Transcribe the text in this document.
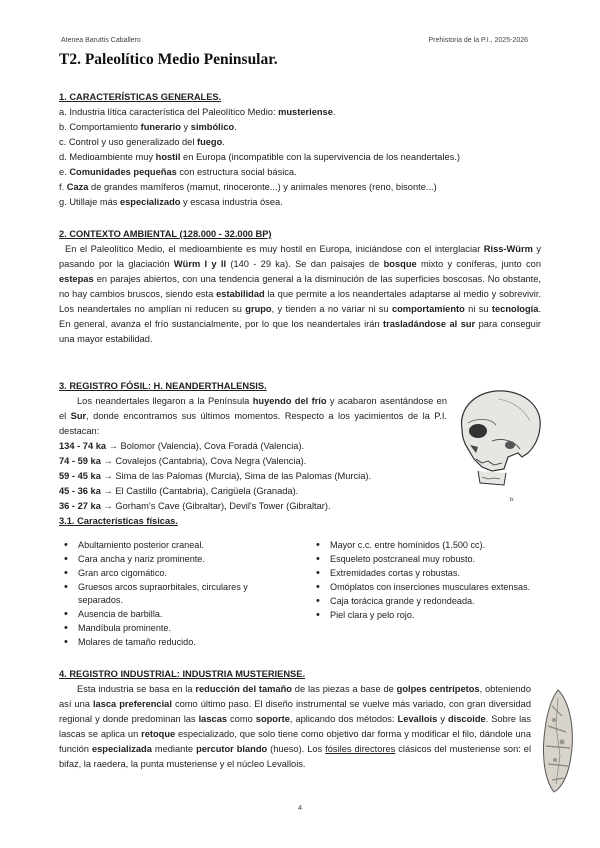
Atenea Baruttis Caballero	Prehistoria de la P.I., 2025-2026
T2. Paleolítico Medio Peninsular.

1. CARACTERÍSTICAS GENERALES.

a. Industria lítica característica del Paleolítico Medio: musteriense.

b. Comportamiento funerario y simbólico.

c. Control y uso generalizado del fuego.

d. Medioambiente muy hostil en Europa (incompatible con la supervivencia de los neandertales.)

e. Comunidades pequeñas con estructura social básica.

f. Caza de grandes mamíferos (mamut, rinoceronte...) y animales menores (reno, bisonte...)

g. Utillaje más especializado y escasa industria ósea.

2. CONTEXTO AMBIENTAL (128.000 - 32.000 BP)

En el Paleolítico Medio, el medioambiente es muy hostil en Europa, iniciándose con el interglaciar Riss-Würm y pasando por la glaciación Würm I y II (140 - 29 ka). Se dan paisajes de bosque mixto y coníferas, junto con estepas en parajes abiertos, con una tendencia general a la disminución de las superficies boscosas. No obstante, no hay cambios bruscos, siendo esta estabilidad la que permite a los neandertales adaptarse al medio y sobrevivir. Los neandertales no amplían ni reducen su grupo, y tienden a no variar ni su comportamiento ni su tecnología. En general, avanza el frío sustancialmente, por lo que los neandertales irán trasladándose al sur para conseguir una mayor estabilidad.

3. REGISTRO FÓSIL: H. NEANDERTHALENSIS.

Los neandertales llegaron a la Península huyendo del frío y acabaron asentándose en el Sur, donde encontramos sus últimos momentos. Respecto a los yacimientos de la P.I. destacan:

134 - 74 ka → Bolomor (Valencia), Cova Foradá (Valencia).

74 - 59 ka → Covalejos (Cantabria), Cova Negra (Valencia).

59 - 45 ka → Sima de las Palomas (Murcia), Sima de las Palomas (Murcia).

45 - 36 ka → El Castillo (Cantabria), Carigüela (Granada).

36 - 27 ka → Gorham's Cave (Gibraltar), Devil's Tower (Gibraltar).

3.1. Características físicas.

b.
• Abultamiento posterior craneal.
• Cara ancha y nariz prominente.
• Gran arco cigomático.
• Gruesos arcos supraorbitales, circulares y separados.
• Ausencia de barbilla.
• Mandíbula prominente.
• Molares de tamaño reducido.
• Mayor c.c. entre homínidos (1.500 cc).
• Esqueleto postcraneal muy robusto.
• Extremidades cortas y robustas.
• Omóplatos con inserciones musculares extensas.
• Caja torácica grande y redondeada.
• Piel clara y pelo rojo.

4. REGISTRO INDUSTRIAL: INDUSTRIA MUSTERIENSE.

Esta industria se basa en la reducción del tamaño de las piezas a base de golpes centrípetos, obteniendo así una lasca preferencial como último paso. El diseño instrumental se vuelve más variado, con gran diversidad regional y donde predominan las lascas como soporte, aplicando dos métodos: Levallois y discoide. Sobre las lascas se aplica un retoque especializado, que solo tiene como objetivo dar forma y modificar el filo, dándole una función especializada mediante percutor blando (hueso). Los fósiles directores clásicos del musteriense son: el bifaz, la raedera, la punta musteriense y el núcleo Levallois.

4
